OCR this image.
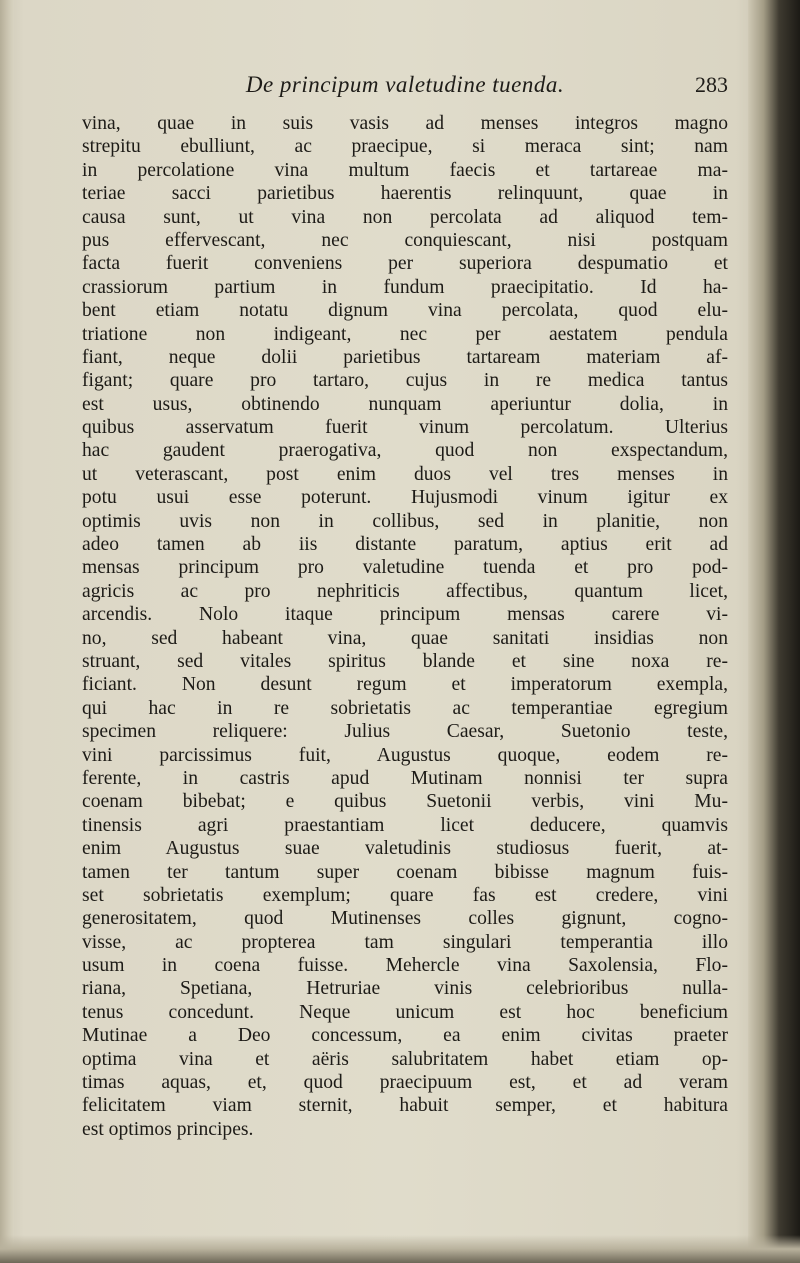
De principum valetudine tuenda.	283
vina, quae in suis vasis ad menses integros magno
strepitu ebulliunt, ac praecipue, si meraca sint; nam
in percolatione vina multum faecis et tartareae ma-
teriae sacci parietibus haerentis relinquunt, quae in
causa sunt, ut vina non percolata ad aliquod tem-
pus effervescant, nec conquiescant, nisi postquam
facta fuerit conveniens per superiora despumatio et
crassiorum partium in fundum praecipitatio. Id ha-
bent etiam notatu dignum vina percolata, quod elu-
triatione non indigeant, nec per aestatem pendula
fiant, neque dolii parietibus tartaream materiam af-
figant; quare pro tartaro, cujus in re medica tantus
est usus, obtinendo nunquam aperiuntur dolia, in
quibus asservatum fuerit vinum percolatum. Ulterius
hac gaudent praerogativa, quod non exspectandum,
ut veterascant, post enim duos vel tres menses in
potu usui esse poterunt. Hujusmodi vinum igitur ex
optimis uvis non in collibus, sed in planitie, non
adeo tamen ab iis distante paratum, aptius erit ad
mensas principum pro valetudine tuenda et pro pod-
agricis ac pro nephriticis affectibus, quantum licet,
arcendis. Nolo itaque principum mensas carere vi-
no, sed habeant vina, quae sanitati insidias non
struant, sed vitales spiritus blande et sine noxa re-
ficiant. Non desunt regum et imperatorum exempla,
qui hac in re sobrietatis ac temperantiae egregium
specimen reliquere: Julius Caesar, Suetonio teste,
vini parcissimus fuit, Augustus quoque, eodem re-
ferente, in castris apud Mutinam nonnisi ter supra
coenam bibebat; e quibus Suetonii verbis, vini Mu-
tinensis agri praestantiam licet deducere, quamvis
enim Augustus suae valetudinis studiosus fuerit, at-
tamen ter tantum super coenam bibisse magnum fuis-
set sobrietatis exemplum; quare fas est credere, vini
generositatem, quod Mutinenses colles gignunt, cogno-
visse, ac propterea tam singulari temperantia illo
usum in coena fuisse. Mehercle vina Saxolensia, Flo-
riana, Spetiana, Hetruriae vinis celebrioribus nulla-
tenus concedunt. Neque unicum est hoc beneficium
Mutinae a Deo concessum, ea enim civitas praeter
optima vina et aëris salubritatem habet etiam op-
timas aquas, et, quod praecipuum est, et ad veram
felicitatem viam sternit, habuit semper, et habitura
est optimos principes.
